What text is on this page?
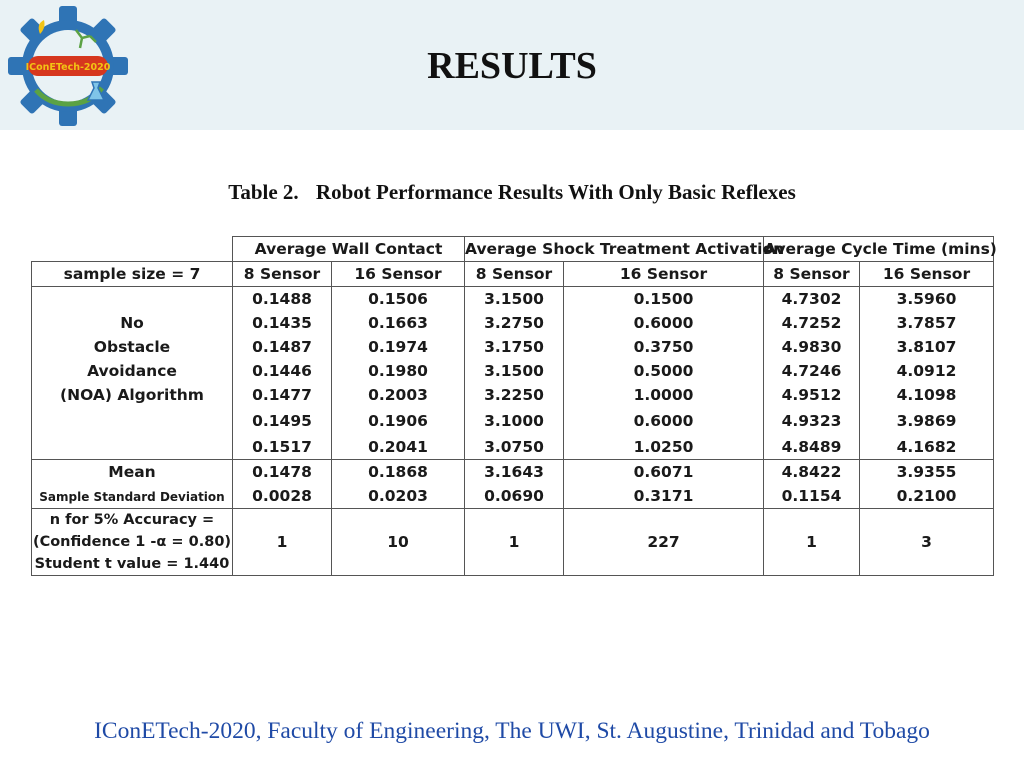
IConETech-2020	RESULTS
Table 2. Robot Performance Results With Only Basic Reflexes
	Average Wall Contact		Average Shock Treatment Activation		Average Cycle Time (mins)	
sample size = 7	8 Sensor	16 Sensor	8 Sensor	16 Sensor	8 Sensor	16 Sensor
	0.1488	0.1506	3.1500	0.1500	4.7302	3.5960
No	0.1435	0.1663	3.2750	0.6000	4.7252	3.7857
Obstacle	0.1487	0.1974	3.1750	0.3750	4.9830	3.8107
Avoidance	0.1446	0.1980	3.1500	0.5000	4.7246	4.0912
(NOA) Algorithm	0.1477	0.2003	3.2250	1.0000	4.9512	4.1098
	0.1495	0.1906	3.1000	0.6000	4.9323	3.9869
	0.1517	0.2041	3.0750	1.0250	4.8489	4.1682
Mean	0.1478	0.1868	3.1643	0.6071	4.8422	3.9355
Sample Standard Deviation	0.0028	0.0203	0.0690	0.3171	0.1154	0.2100

n for 5% Accuracy =
(Confidence 1 -α = 0.80)
Student t value = 1.440	1	10	1	227	1	3
IConETech-2020, Faculty of Engineering, The UWI, St. Augustine, Trinidad and Tobago
